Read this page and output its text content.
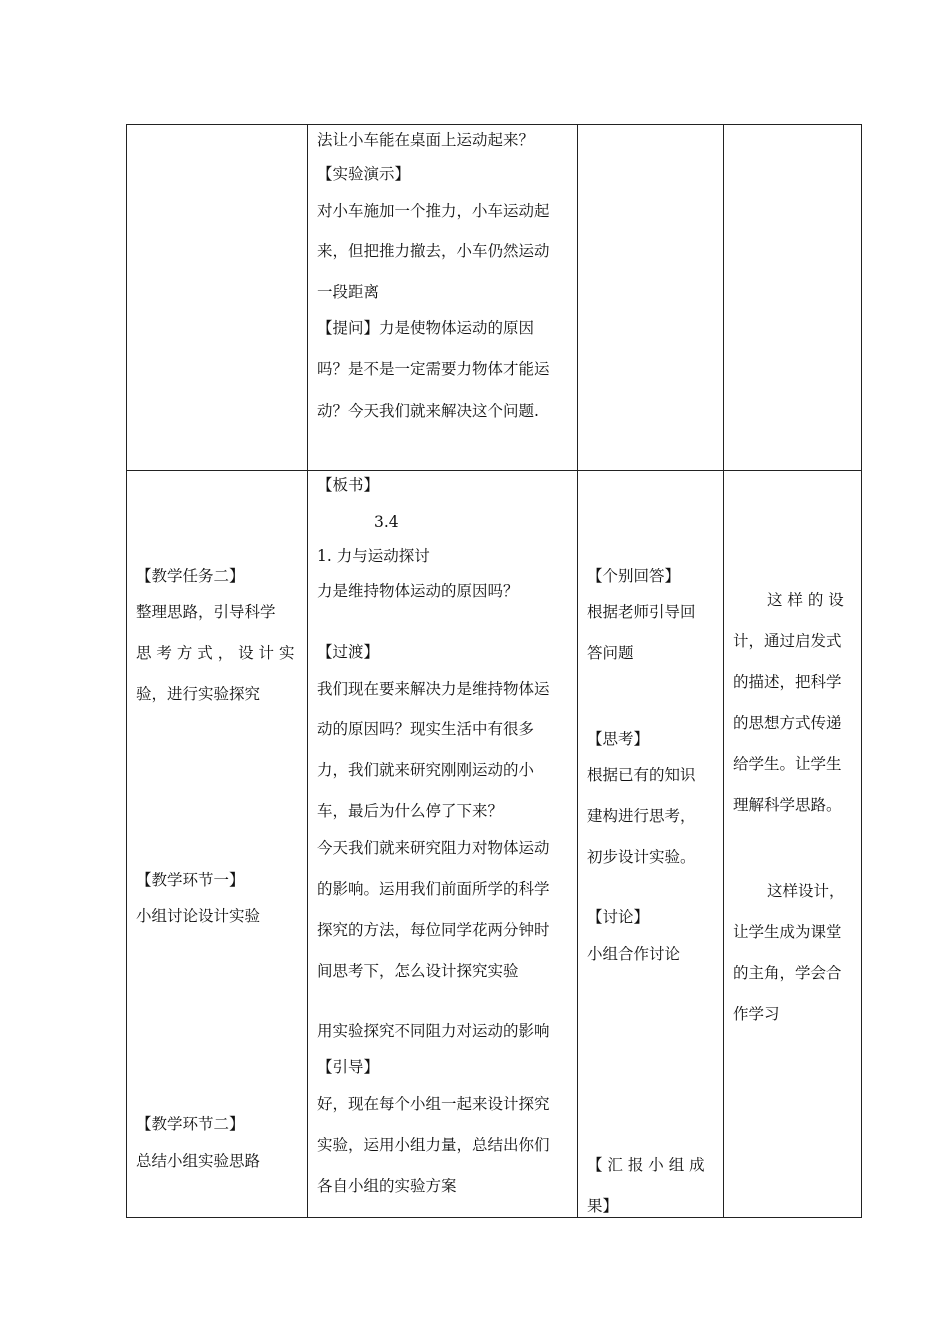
法让小车能在桌面上运动起来？
【实验演示】
对小车施加一个推力，小车运动起
来，但把推力撤去，小车仍然运动
一段距离
【提问】力是使物体运动的原因
吗？是不是一定需要力物体才能运
动？今天我们就来解决这个问题.
【教学任务二】
整理思路，引导科学
思 考 方 式 ， 设 计 实
验，进行实验探究
【教学环节一】
小组讨论设计实验
【教学环节二】
总结小组实验思路
【板书】
3.4
1. 力与运动探讨
力是维持物体运动的原因吗？
【过渡】
我们现在要来解决力是维持物体运
动的原因吗？现实生活中有很多
力，我们就来研究刚刚运动的小
车，最后为什么停了下来？
今天我们就来研究阻力对物体运动
的影响。运用我们前面所学的科学
探究的方法，每位同学花两分钟时
间思考下，怎么设计探究实验
用实验探究不同阻力对运动的影响
【引导】
好，现在每个小组一起来设计探究
实验，运用小组力量，总结出你们
各自小组的实验方案
【个别回答】
根据老师引导回
答问题
【思考】
根据已有的知识
建构进行思考，
初步设计实验。
【讨论】
小组合作讨论
【 汇 报 小 组 成
果】
这 样 的 设
计，通过启发式
的描述，把科学
的思想方式传递
给学生。让学生
理解科学思路。
这样设计，
让学生成为课堂
的主角，学会合
作学习
